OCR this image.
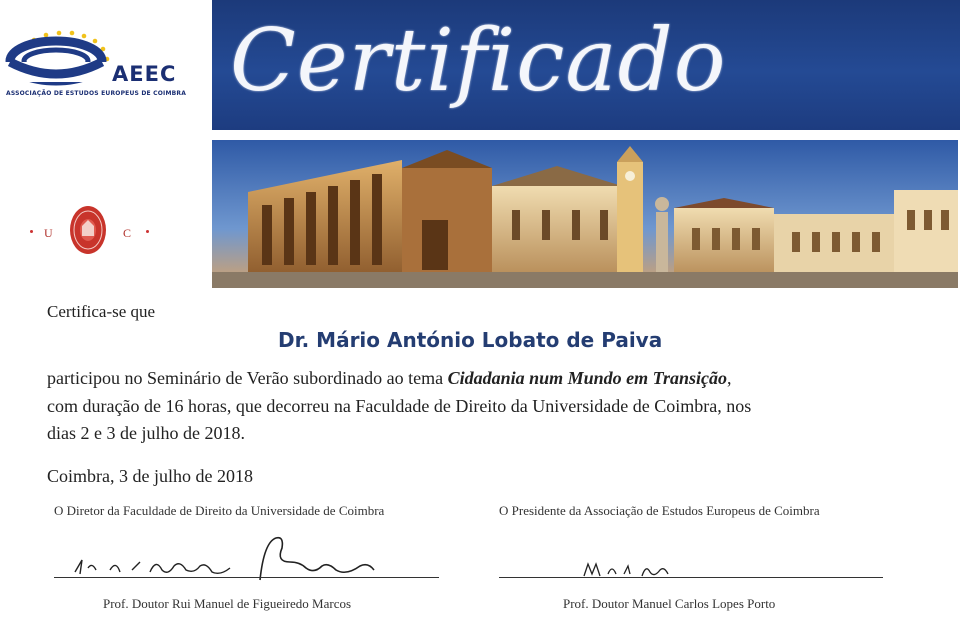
Certificado
AEEC
ASSOCIAÇÃO DE ESTUDOS EUROPEUS DE COIMBRA
U	C
Certifica-se que
Dr. Mário António Lobato de Paiva
participou no Seminário de Verão subordinado ao tema Cidadania num Mundo em Transição,
com duração de 16 horas, que decorreu na Faculdade de Direito da Universidade de Coimbra, nos
dias 2 e 3 de julho de 2018.
Coimbra, 3 de julho de 2018
O Diretor da Faculdade de Direito da Universidade de Coimbra
Prof. Doutor Rui Manuel de Figueiredo Marcos
O Presidente da Associação de Estudos Europeus de Coimbra
Prof. Doutor Manuel Carlos Lopes Porto
